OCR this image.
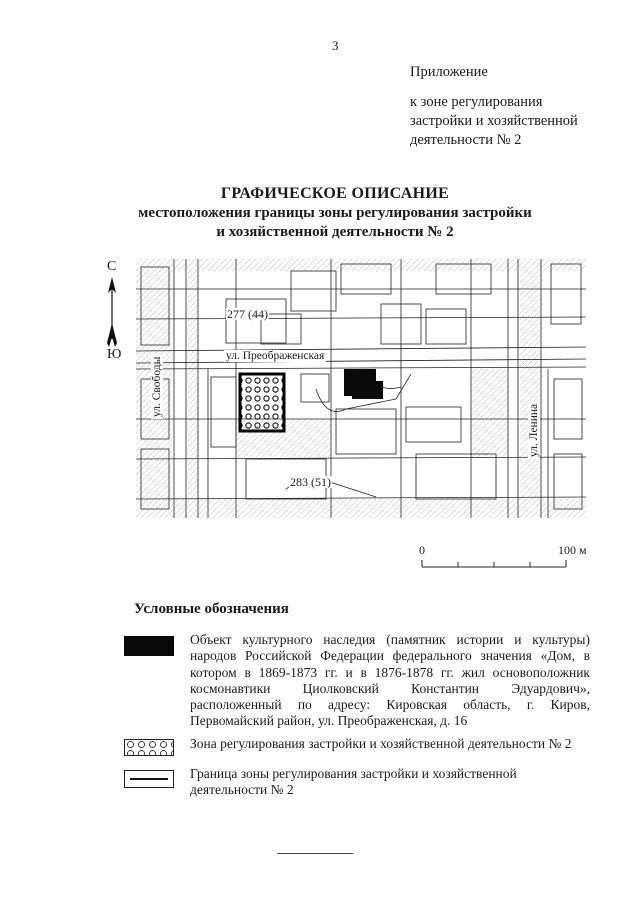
3
Приложение
к зоне регулирования
застройки и хозяйственной
деятельности № 2
ГРАФИЧЕСКОЕ ОПИСАНИЕ
местоположения границы зоны регулирования застройки
и хозяйственной деятельности № 2
С
Ю	ул. Преображенская
ул. Свободы
ул. Ленина
277 (44)
283 (51)
0	100 м
Условные обозначения
Объект культурного наследия (памятник истории и культуры) народов Российской Федерации федерального значения «Дом, в котором в 1869-1873 гг. и в 1876-1878 гг. жил основоположник космонавтики Циолковский Константин Эдуардович», расположенный по адресу: Кировская область, г. Киров, Первомайский район, ул. Преображенская, д. 16
Зона регулирования застройки и хозяйственной деятельности № 2
Граница зоны регулирования застройки и хозяйственной деятельности № 2
